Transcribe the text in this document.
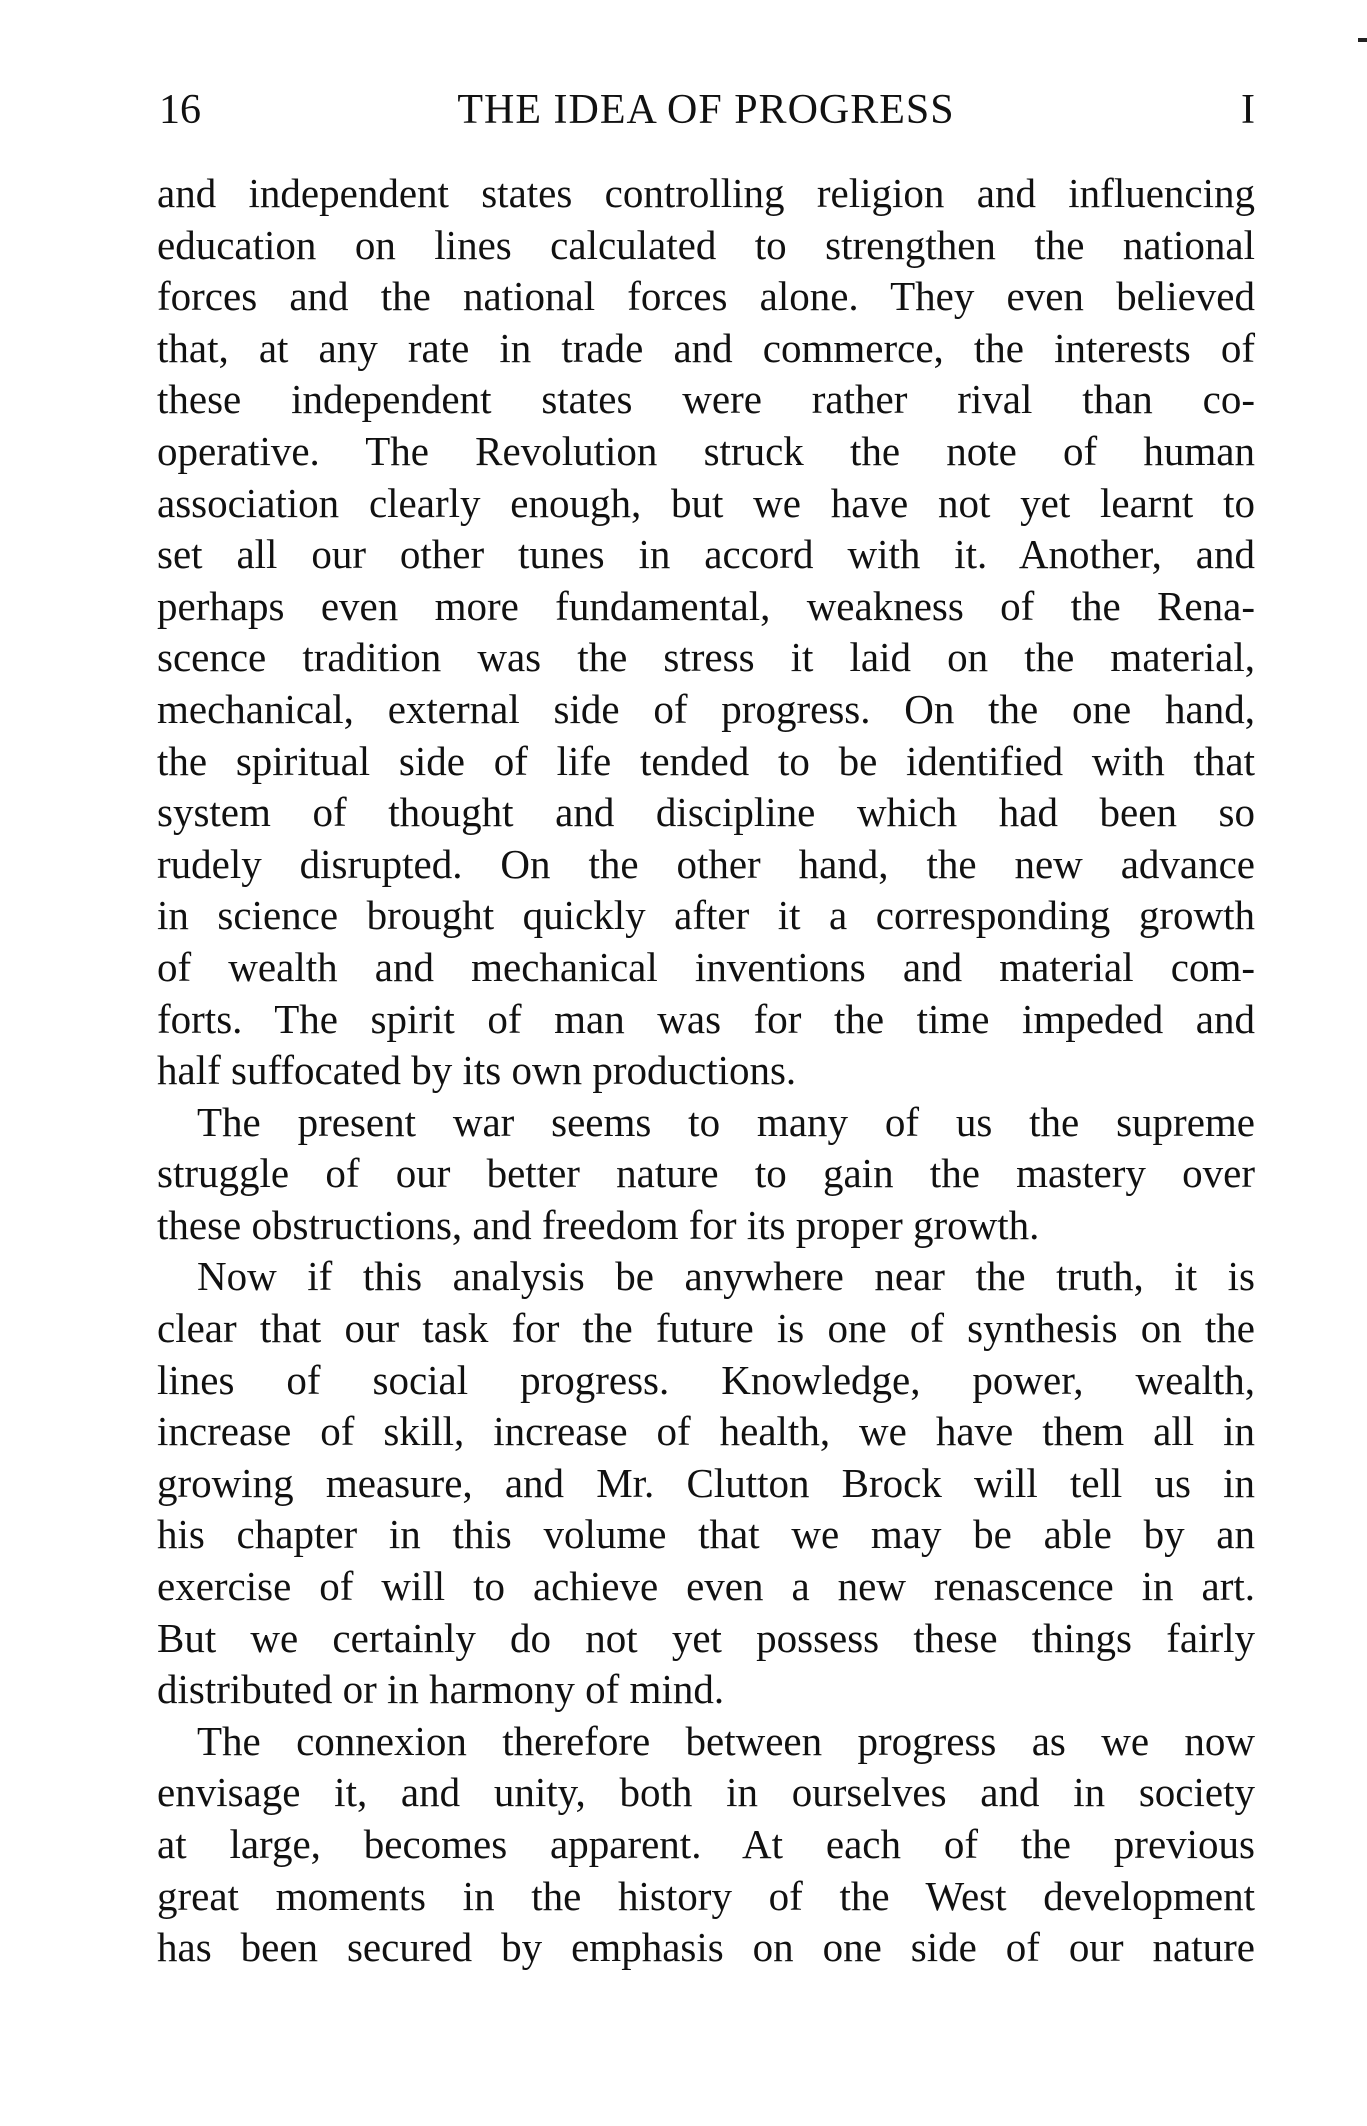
16	THE IDEA OF PROGRESS	I
and independent states controlling religion and influencing
education on lines calculated to strengthen the national
forces and the national forces alone. They even believed
that, at any rate in trade and commerce, the interests of
these independent states were rather rival than co-
operative. The Revolution struck the note of human
association clearly enough, but we have not yet learnt to
set all our other tunes in accord with it. Another, and
perhaps even more fundamental, weakness of the Rena-
scence tradition was the stress it laid on the material,
mechanical, external side of progress. On the one hand,
the spiritual side of life tended to be identified with that
system of thought and discipline which had been so
rudely disrupted. On the other hand, the new advance
in science brought quickly after it a corresponding growth
of wealth and mechanical inventions and material com-
forts. The spirit of man was for the time impeded and
half suffocated by its own productions.
The present war seems to many of us the supreme
struggle of our better nature to gain the mastery over
these obstructions, and freedom for its proper growth.
Now if this analysis be anywhere near the truth, it is
clear that our task for the future is one of synthesis on the
lines of social progress. Knowledge, power, wealth,
increase of skill, increase of health, we have them all in
growing measure, and Mr. Clutton Brock will tell us in
his chapter in this volume that we may be able by an
exercise of will to achieve even a new renascence in art.
But we certainly do not yet possess these things fairly
distributed or in harmony of mind.
The connexion therefore between progress as we now
envisage it, and unity, both in ourselves and in society
at large, becomes apparent. At each of the previous
great moments in the history of the West development
has been secured by emphasis on one side of our nature
